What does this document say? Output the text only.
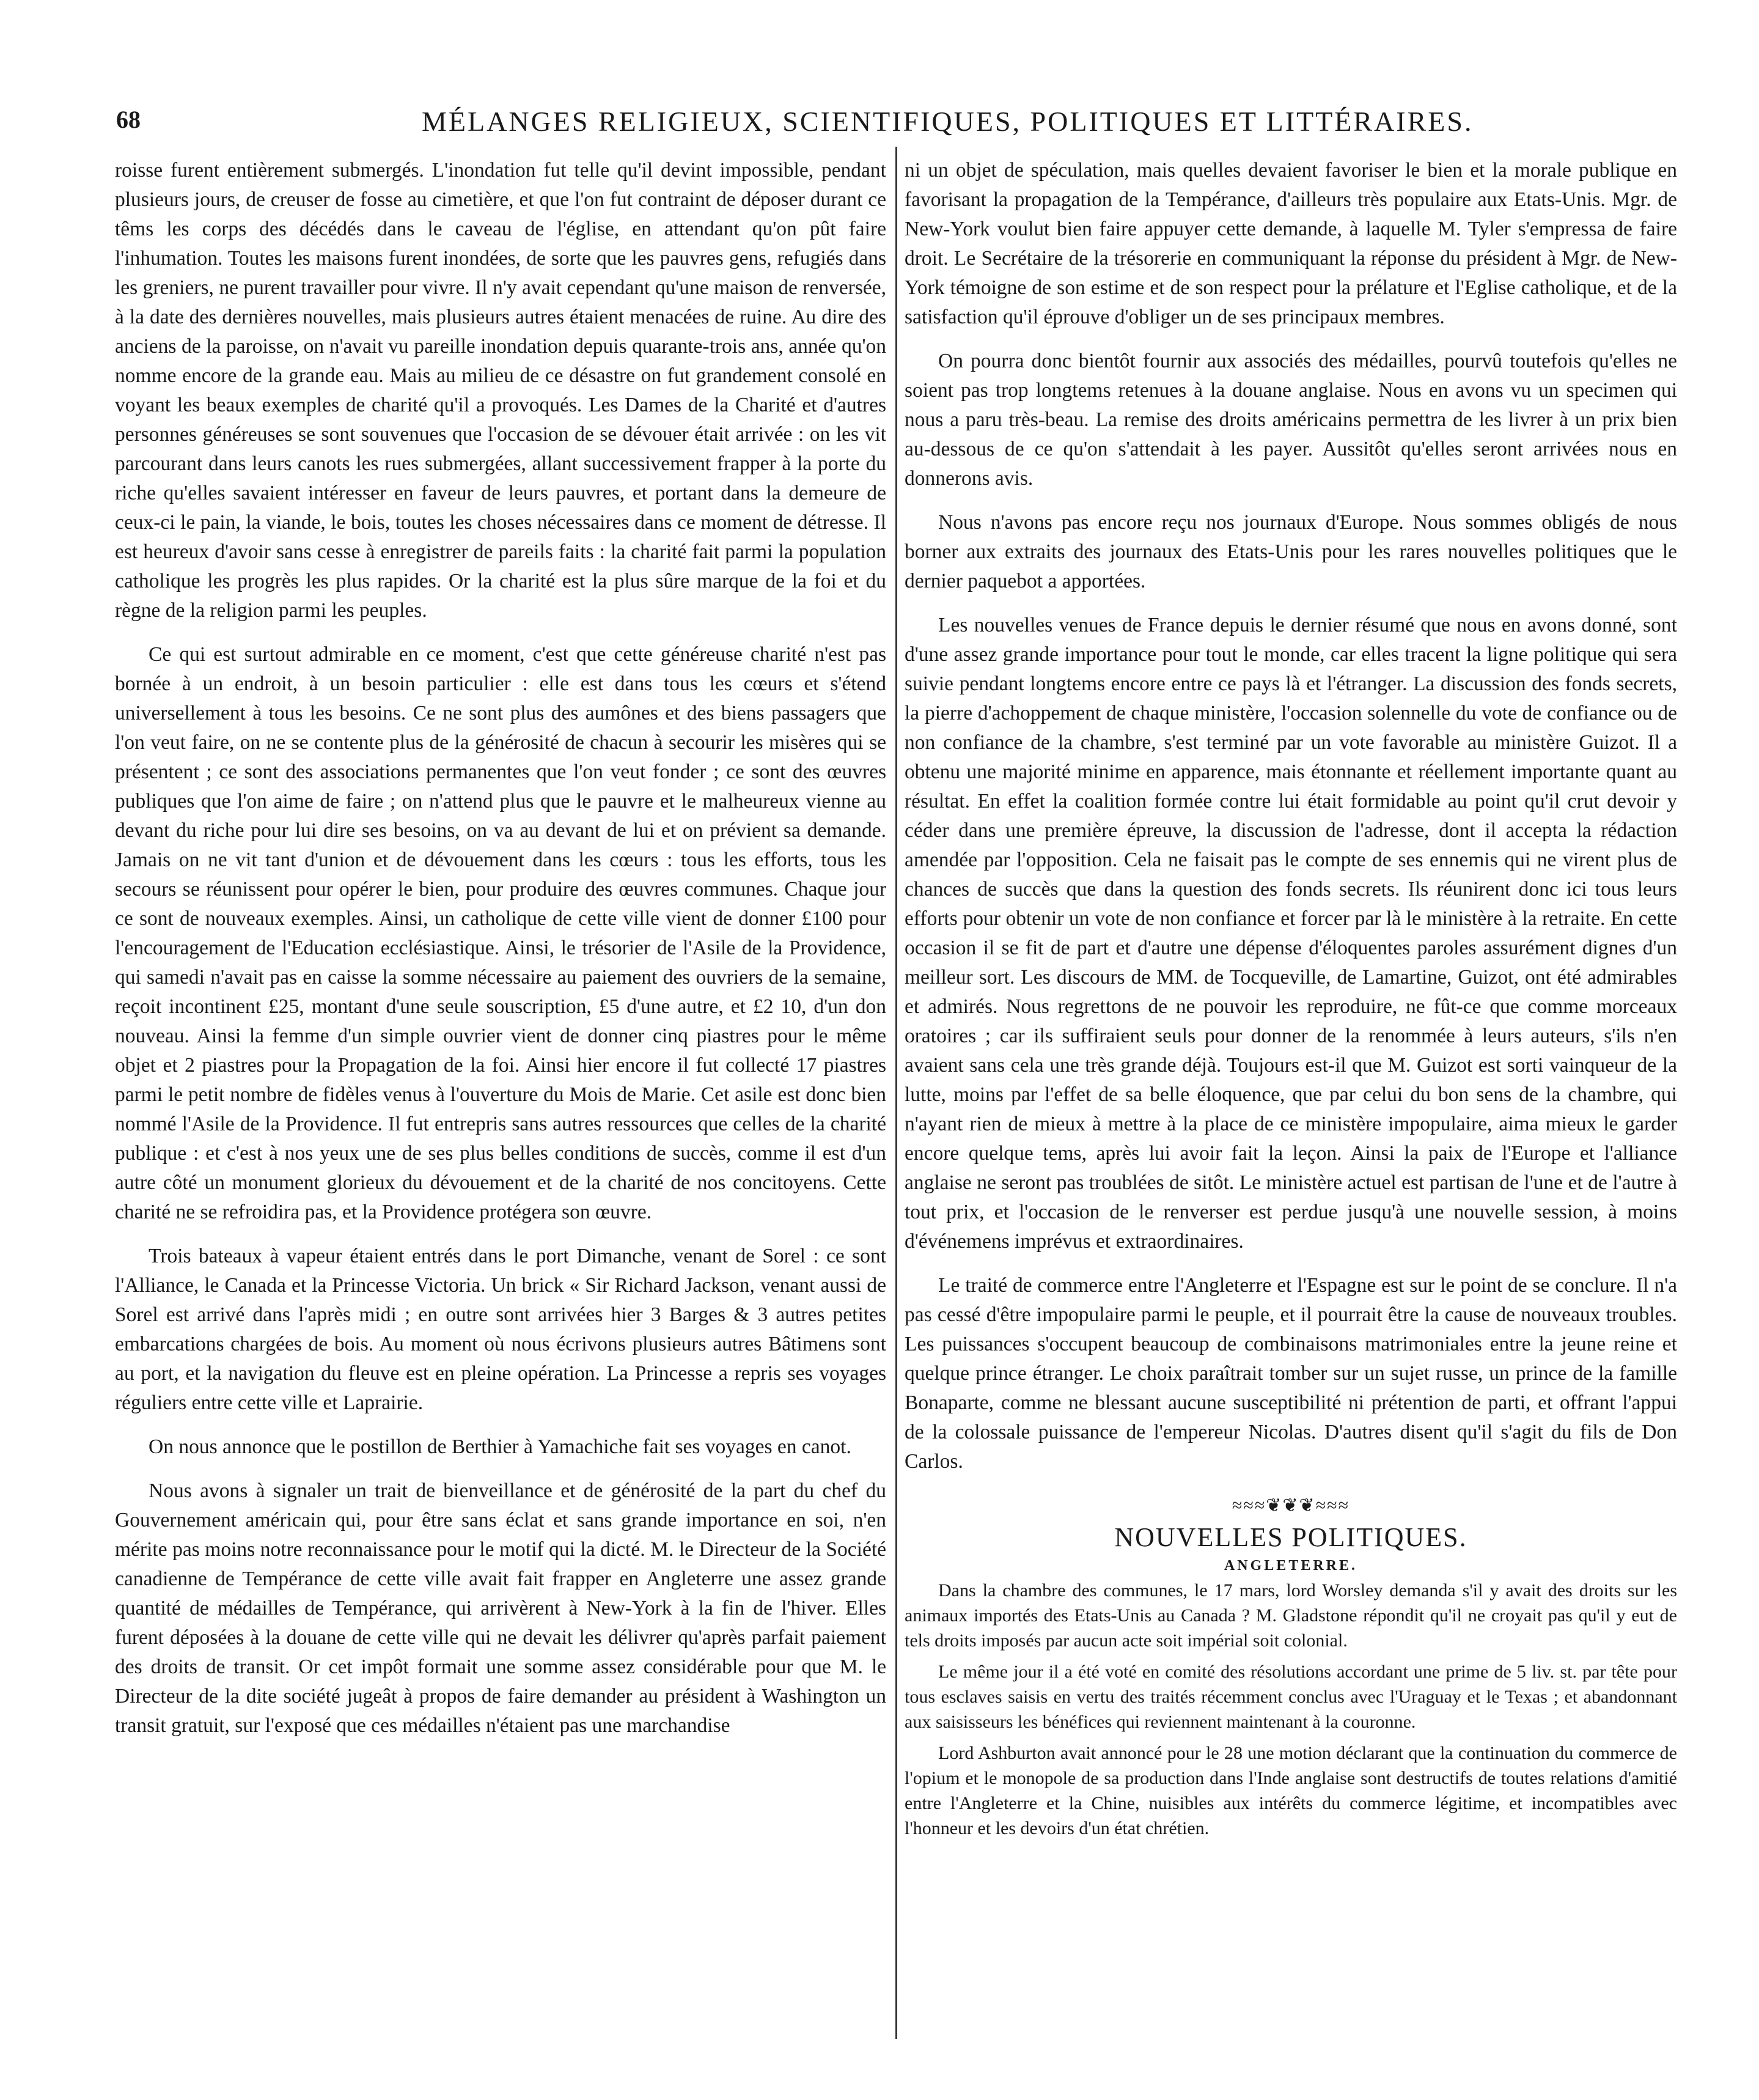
68	MÉLANGES RELIGIEUX, SCIENTIFIQUES, POLITIQUES ET LITTÉRAIRES.

roisse furent entièrement submergés. L'inondation fut telle qu'il devint impossible, pendant plusieurs jours, de creuser de fosse au cimetière, et que l'on fut contraint de déposer durant ce têms les corps des décédés dans le caveau de l'église, en attendant qu'on pût faire l'inhumation. Toutes les maisons furent inondées, de sorte que les pauvres gens, refugiés dans les greniers, ne purent travailler pour vivre. Il n'y avait cependant qu'une maison de renversée, à la date des dernières nouvelles, mais plusieurs autres étaient menacées de ruine. Au dire des anciens de la paroisse, on n'avait vu pareille inondation depuis quarante-trois ans, année qu'on nomme encore de la grande eau. Mais au milieu de ce désastre on fut grandement consolé en voyant les beaux exemples de charité qu'il a provoqués. Les Dames de la Charité et d'autres personnes généreuses se sont souvenues que l'occasion de se dévouer était arrivée : on les vit parcourant dans leurs canots les rues submergées, allant successivement frapper à la porte du riche qu'elles savaient intéresser en faveur de leurs pauvres, et portant dans la demeure de ceux-ci le pain, la viande, le bois, toutes les choses nécessaires dans ce moment de détresse. Il est heureux d'avoir sans cesse à enregistrer de pareils faits : la charité fait parmi la population catholique les progrès les plus rapides. Or la charité est la plus sûre marque de la foi et du règne de la religion parmi les peuples.

Ce qui est surtout admirable en ce moment, c'est que cette généreuse charité n'est pas bornée à un endroit, à un besoin particulier : elle est dans tous les cœurs et s'étend universellement à tous les besoins. Ce ne sont plus des aumônes et des biens passagers que l'on veut faire, on ne se contente plus de la générosité de chacun à secourir les misères qui se présentent ; ce sont des associations permanentes que l'on veut fonder ; ce sont des œuvres publiques que l'on aime de faire ; on n'attend plus que le pauvre et le malheureux vienne au devant du riche pour lui dire ses besoins, on va au devant de lui et on prévient sa demande. Jamais on ne vit tant d'union et de dévouement dans les cœurs : tous les efforts, tous les secours se réunissent pour opérer le bien, pour produire des œuvres communes. Chaque jour ce sont de nouveaux exemples. Ainsi, un catholique de cette ville vient de donner £100 pour l'encouragement de l'Education ecclésiastique. Ainsi, le trésorier de l'Asile de la Providence, qui samedi n'avait pas en caisse la somme nécessaire au paiement des ouvriers de la semaine, reçoit incontinent £25, montant d'une seule souscription, £5 d'une autre, et £2 10, d'un don nouveau. Ainsi la femme d'un simple ouvrier vient de donner cinq piastres pour le même objet et 2 piastres pour la Propagation de la foi. Ainsi hier encore il fut collecté 17 piastres parmi le petit nombre de fidèles venus à l'ouverture du Mois de Marie. Cet asile est donc bien nommé l'Asile de la Providence. Il fut entrepris sans autres ressources que celles de la charité publique : et c'est à nos yeux une de ses plus belles conditions de succès, comme il est d'un autre côté un monument glorieux du dévouement et de la charité de nos concitoyens. Cette charité ne se refroidira pas, et la Providence protégera son œuvre.

Trois bateaux à vapeur étaient entrés dans le port Dimanche, venant de Sorel : ce sont l'Alliance, le Canada et la Princesse Victoria. Un brick « Sir Richard Jackson, venant aussi de Sorel est arrivé dans l'après midi ; en outre sont arrivées hier 3 Barges & 3 autres petites embarcations chargées de bois. Au moment où nous écrivons plusieurs autres Bâtimens sont au port, et la navigation du fleuve est en pleine opération. La Princesse a repris ses voyages réguliers entre cette ville et Laprairie.

On nous annonce que le postillon de Berthier à Yamachiche fait ses voyages en canot.

Nous avons à signaler un trait de bienveillance et de générosité de la part du chef du Gouvernement américain qui, pour être sans éclat et sans grande importance en soi, n'en mérite pas moins notre reconnaissance pour le motif qui la dicté. M. le Directeur de la Société canadienne de Tempérance de cette ville avait fait frapper en Angleterre une assez grande quantité de médailles de Tempérance, qui arrivèrent à New-York à la fin de l'hiver. Elles furent déposées à la douane de cette ville qui ne devait les délivrer qu'après parfait paiement des droits de transit. Or cet impôt formait une somme assez considérable pour que M. le Directeur de la dite société jugeât à propos de faire demander au président à Washington un transit gratuit, sur l'exposé que ces médailles n'étaient pas une marchandise

ni un objet de spéculation, mais quelles devaient favoriser le bien et la morale publique en favorisant la propagation de la Tempérance, d'ailleurs très populaire aux Etats-Unis. Mgr. de New-York voulut bien faire appuyer cette demande, à laquelle M. Tyler s'empressa de faire droit. Le Secrétaire de la trésorerie en communiquant la réponse du président à Mgr. de New-York témoigne de son estime et de son respect pour la prélature et l'Eglise catholique, et de la satisfaction qu'il éprouve d'obliger un de ses principaux membres.

On pourra donc bientôt fournir aux associés des médailles, pourvû toutefois qu'elles ne soient pas trop longtems retenues à la douane anglaise. Nous en avons vu un specimen qui nous a paru très-beau. La remise des droits américains permettra de les livrer à un prix bien au-dessous de ce qu'on s'attendait à les payer. Aussitôt qu'elles seront arrivées nous en donnerons avis.

Nous n'avons pas encore reçu nos journaux d'Europe. Nous sommes obligés de nous borner aux extraits des journaux des Etats-Unis pour les rares nouvelles politiques que le dernier paquebot a apportées.

Les nouvelles venues de France depuis le dernier résumé que nous en avons donné, sont d'une assez grande importance pour tout le monde, car elles tracent la ligne politique qui sera suivie pendant longtems encore entre ce pays là et l'étranger. La discussion des fonds secrets, la pierre d'achoppement de chaque ministère, l'occasion solennelle du vote de confiance ou de non confiance de la chambre, s'est terminé par un vote favorable au ministère Guizot. Il a obtenu une majorité minime en apparence, mais étonnante et réellement importante quant au résultat. En effet la coalition formée contre lui était formidable au point qu'il crut devoir y céder dans une première épreuve, la discussion de l'adresse, dont il accepta la rédaction amendée par l'opposition. Cela ne faisait pas le compte de ses ennemis qui ne virent plus de chances de succès que dans la question des fonds secrets. Ils réunirent donc ici tous leurs efforts pour obtenir un vote de non confiance et forcer par là le ministère à la retraite. En cette occasion il se fit de part et d'autre une dépense d'éloquentes paroles assurément dignes d'un meilleur sort. Les discours de MM. de Tocqueville, de Lamartine, Guizot, ont été admirables et admirés. Nous regrettons de ne pouvoir les reproduire, ne fût-ce que comme morceaux oratoires ; car ils suffiraient seuls pour donner de la renommée à leurs auteurs, s'ils n'en avaient sans cela une très grande déjà. Toujours est-il que M. Guizot est sorti vainqueur de la lutte, moins par l'effet de sa belle éloquence, que par celui du bon sens de la chambre, qui n'ayant rien de mieux à mettre à la place de ce ministère impopulaire, aima mieux le garder encore quelque tems, après lui avoir fait la leçon. Ainsi la paix de l'Europe et l'alliance anglaise ne seront pas troublées de sitôt. Le ministère actuel est partisan de l'une et de l'autre à tout prix, et l'occasion de le renverser est perdue jusqu'à une nouvelle session, à moins d'événemens imprévus et extraordinaires.

Le traité de commerce entre l'Angleterre et l'Espagne est sur le point de se conclure. Il n'a pas cessé d'être impopulaire parmi le peuple, et il pourrait être la cause de nouveaux troubles. Les puissances s'occupent beaucoup de combinaisons matrimoniales entre la jeune reine et quelque prince étranger. Le choix paraîtrait tomber sur un sujet russe, un prince de la famille Bonaparte, comme ne blessant aucune susceptibilité ni prétention de parti, et offrant l'appui de la colossale puissance de l'empereur Nicolas. D'autres disent qu'il s'agit du fils de Don Carlos.

≈≈≈❦❦❦≈≈≈
NOUVELLES POLITIQUES.
ANGLETERRE.

Dans la chambre des communes, le 17 mars, lord Worsley demanda s'il y avait des droits sur les animaux importés des Etats-Unis au Canada ? M. Gladstone répondit qu'il ne croyait pas qu'il y eut de tels droits imposés par aucun acte soit impérial soit colonial.

Le même jour il a été voté en comité des résolutions accordant une prime de 5 liv. st. par tête pour tous esclaves saisis en vertu des traités récemment conclus avec l'Uraguay et le Texas ; et abandonnant aux saisisseurs les bénéfices qui reviennent maintenant à la couronne.

Lord Ashburton avait annoncé pour le 28 une motion déclarant que la continuation du commerce de l'opium et le monopole de sa production dans l'Inde anglaise sont destructifs de toutes relations d'amitié entre l'Angleterre et la Chine, nuisibles aux intérêts du commerce légitime, et incompatibles avec l'honneur et les devoirs d'un état chrétien.
